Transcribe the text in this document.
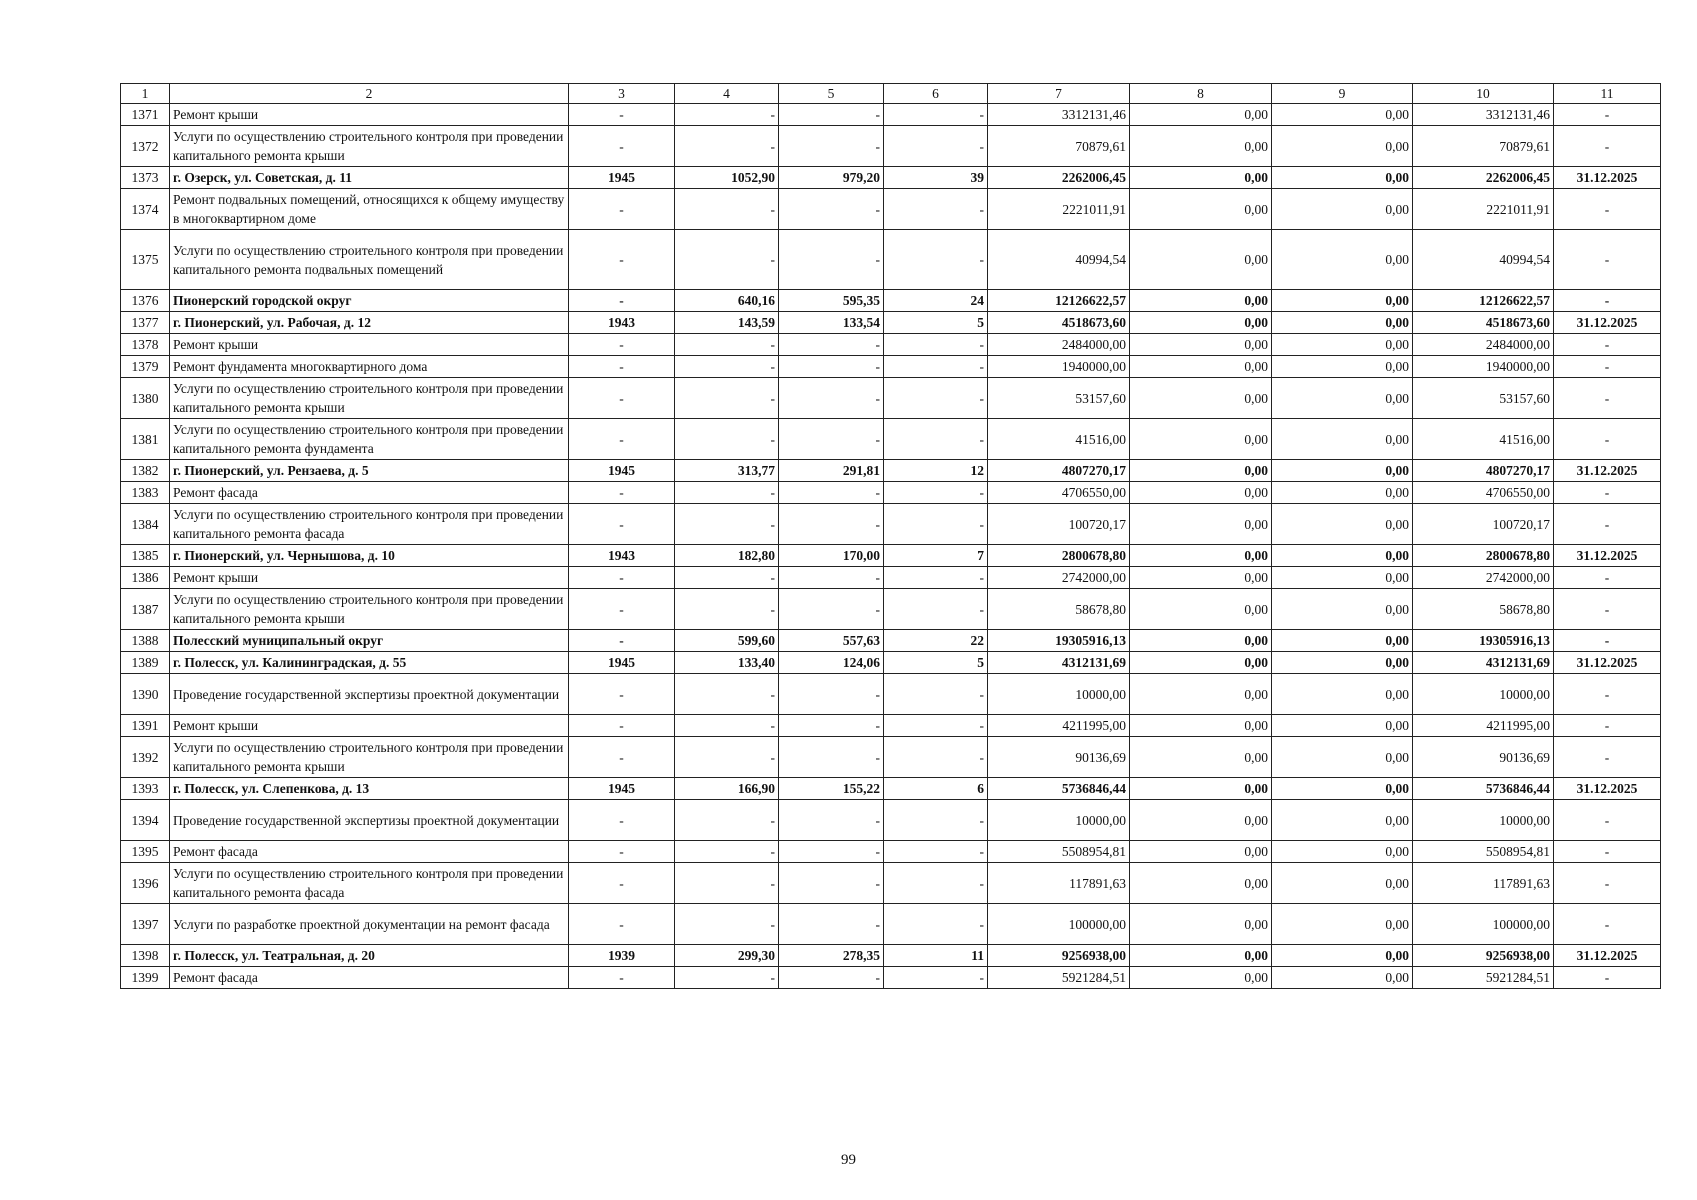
1	2	3	4	5	6	7	8	9	10	11
1371	Ремонт крыши	-	-	-	-	3312131,46	0,00	0,00	3312131,46	-
1372	Услуги по осуществлению строительного контроля при проведении капитального ремонта крыши	-	-	-	-	70879,61	0,00	0,00	70879,61	-
1373	г. Озерск, ул. Советская, д. 11	1945	1052,90	979,20	39	2262006,45	0,00	0,00	2262006,45	31.12.2025
1374	Ремонт подвальных помещений, относящихся к общему имуществу в многоквартирном доме	-	-	-	-	2221011,91	0,00	0,00	2221011,91	-
1375	Услуги по осуществлению строительного контроля при проведении капитального ремонта подвальных помещений	-	-	-	-	40994,54	0,00	0,00	40994,54	-
1376	Пионерский городской округ	-	640,16	595,35	24	12126622,57	0,00	0,00	12126622,57	-
1377	г. Пионерский, ул. Рабочая, д. 12	1943	143,59	133,54	5	4518673,60	0,00	0,00	4518673,60	31.12.2025
1378	Ремонт крыши	-	-	-	-	2484000,00	0,00	0,00	2484000,00	-
1379	Ремонт фундамента многоквартирного дома	-	-	-	-	1940000,00	0,00	0,00	1940000,00	-
1380	Услуги по осуществлению строительного контроля при проведении капитального ремонта крыши	-	-	-	-	53157,60	0,00	0,00	53157,60	-
1381	Услуги по осуществлению строительного контроля при проведении капитального ремонта фундамента	-	-	-	-	41516,00	0,00	0,00	41516,00	-
1382	г. Пионерский, ул. Рензаева, д. 5	1945	313,77	291,81	12	4807270,17	0,00	0,00	4807270,17	31.12.2025
1383	Ремонт фасада	-	-	-	-	4706550,00	0,00	0,00	4706550,00	-
1384	Услуги по осуществлению строительного контроля при проведении капитального ремонта фасада	-	-	-	-	100720,17	0,00	0,00	100720,17	-
1385	г. Пионерский, ул. Чернышова, д. 10	1943	182,80	170,00	7	2800678,80	0,00	0,00	2800678,80	31.12.2025
1386	Ремонт крыши	-	-	-	-	2742000,00	0,00	0,00	2742000,00	-
1387	Услуги по осуществлению строительного контроля при проведении капитального ремонта крыши	-	-	-	-	58678,80	0,00	0,00	58678,80	-
1388	Полесский муниципальный округ	-	599,60	557,63	22	19305916,13	0,00	0,00	19305916,13	-
1389	г. Полесск, ул. Калининградская, д. 55	1945	133,40	124,06	5	4312131,69	0,00	0,00	4312131,69	31.12.2025
1390	Проведение государственной экспертизы проектной документации	-	-	-	-	10000,00	0,00	0,00	10000,00	-
1391	Ремонт крыши	-	-	-	-	4211995,00	0,00	0,00	4211995,00	-
1392	Услуги по осуществлению строительного контроля при проведении капитального ремонта крыши	-	-	-	-	90136,69	0,00	0,00	90136,69	-
1393	г. Полесск, ул. Слепенкова, д. 13	1945	166,90	155,22	6	5736846,44	0,00	0,00	5736846,44	31.12.2025
1394	Проведение государственной экспертизы проектной документации	-	-	-	-	10000,00	0,00	0,00	10000,00	-
1395	Ремонт фасада	-	-	-	-	5508954,81	0,00	0,00	5508954,81	-
1396	Услуги по осуществлению строительного контроля при проведении капитального ремонта фасада	-	-	-	-	117891,63	0,00	0,00	117891,63	-
1397	Услуги по разработке проектной документации на ремонт фасада	-	-	-	-	100000,00	0,00	0,00	100000,00	-
1398	г. Полесск, ул. Театральная, д. 20	1939	299,30	278,35	11	9256938,00	0,00	0,00	9256938,00	31.12.2025
1399	Ремонт фасада	-	-	-	-	5921284,51	0,00	0,00	5921284,51	-
99
